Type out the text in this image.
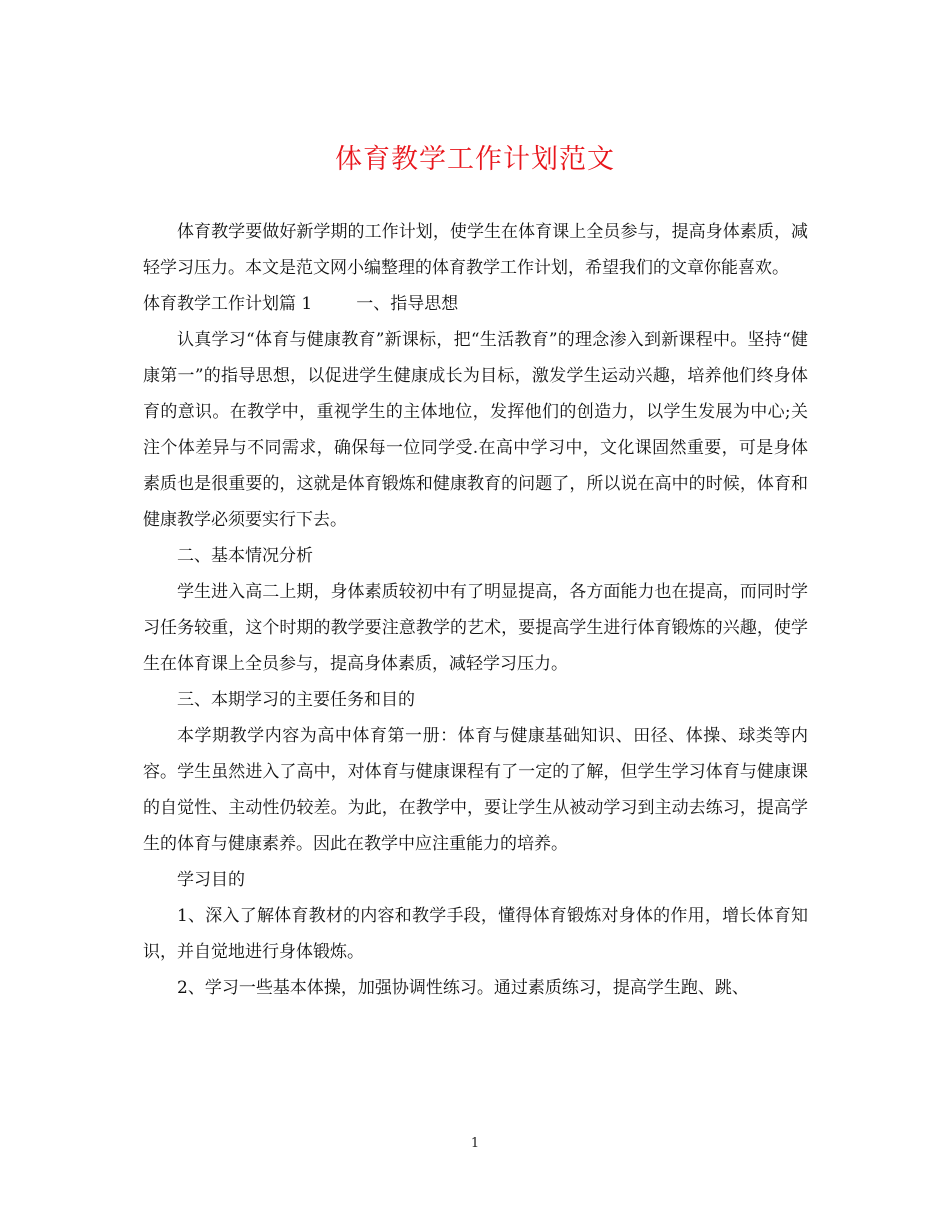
体育教学工作计划范文

体育教学要做好新学期的工作计划，使学生在体育课上全员参与，提高身体素质，减轻学习压力。本文是范文网小编整理的体育教学工作计划，希望我们的文章你能喜欢。

体育教学工作计划篇 1	一、指导思想

认真学习“体育与健康教育”新课标，把“生活教育”的理念渗入到新课程中。坚持“健康第一”的指导思想，以促进学生健康成长为目标，激发学生运动兴趣，培养他们终身体育的意识。在教学中，重视学生的主体地位，发挥他们的创造力，以学生发展为中心;关注个体差异与不同需求，确保每一位同学受.在高中学习中，文化课固然重要，可是身体素质也是很重要的，这就是体育锻炼和健康教育的问题了，所以说在高中的时候，体育和健康教学必须要实行下去。

二、基本情况分析

学生进入高二上期，身体素质较初中有了明显提高，各方面能力也在提高，而同时学习任务较重，这个时期的教学要注意教学的艺术，要提高学生进行体育锻炼的兴趣，使学生在体育课上全员参与，提高身体素质，减轻学习压力。

三、本期学习的主要任务和目的

本学期教学内容为高中体育第一册：体育与健康基础知识、田径、体操、球类等内容。学生虽然进入了高中，对体育与健康课程有了一定的了解，但学生学习体育与健康课的自觉性、主动性仍较差。为此，在教学中，要让学生从被动学习到主动去练习，提高学生的体育与健康素养。因此在教学中应注重能力的培养。

学习目的

1、深入了解体育教材的内容和教学手段，懂得体育锻炼对身体的作用，增长体育知识，并自觉地进行身体锻炼。

2、学习一些基本体操，加强协调性练习。通过素质练习，提高学生跑、跳、

1
